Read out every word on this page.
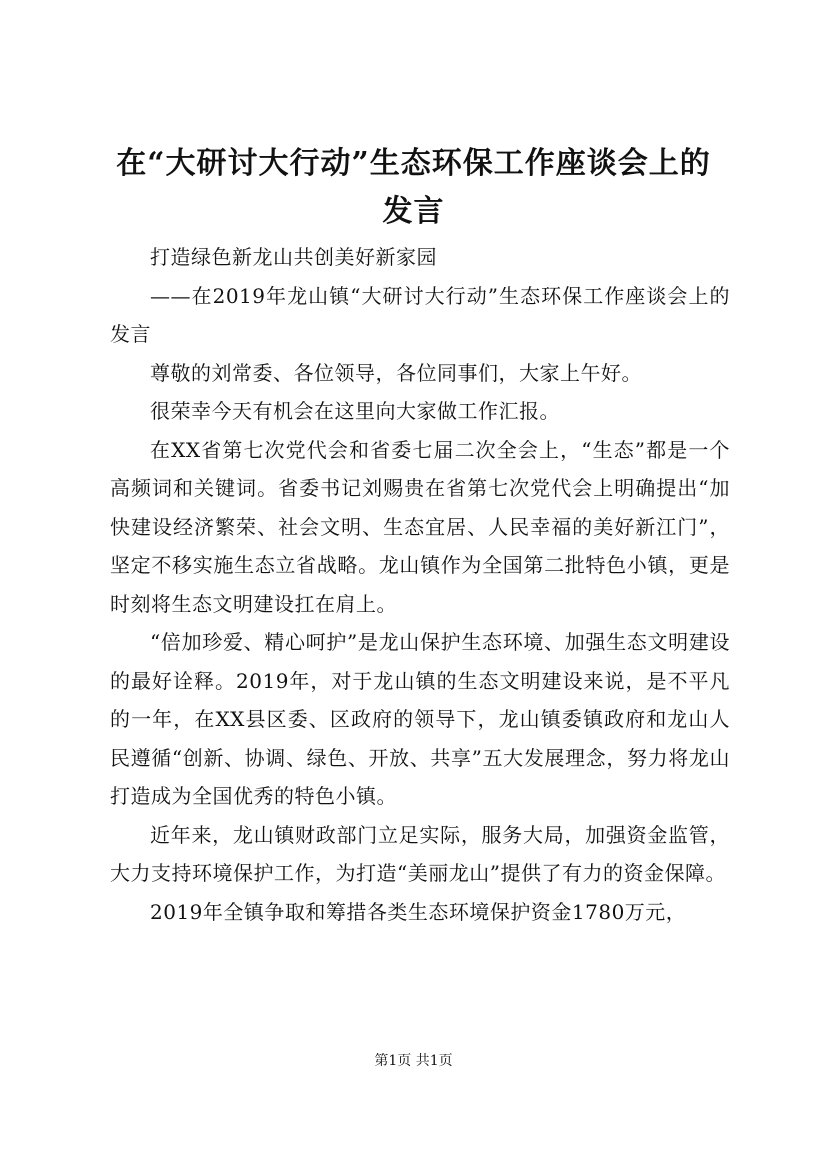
在“大研讨大行动”生态环保工作座谈会上的
发言

打造绿色新龙山共创美好新家园

——在2019年龙山镇“大研讨大行动”生态环保工作座谈会上的发言

尊敬的刘常委、各位领导，各位同事们，大家上午好。

很荣幸今天有机会在这里向大家做工作汇报。

在XX省第七次党代会和省委七届二次全会上，“生态”都是一个高频词和关键词。省委书记刘赐贵在省第七次党代会上明确提出“加快建设经济繁荣、社会文明、生态宜居、人民幸福的美好新江门”，坚定不移实施生态立省战略。龙山镇作为全国第二批特色小镇，更是时刻将生态文明建设扛在肩上。

“倍加珍爱、精心呵护”是龙山保护生态环境、加强生态文明建设的最好诠释。2019年，对于龙山镇的生态文明建设来说，是不平凡的一年，在XX县区委、区政府的领导下，龙山镇委镇政府和龙山人民遵循“创新、协调、绿色、开放、共享”五大发展理念，努力将龙山打造成为全国优秀的特色小镇。

近年来，龙山镇财政部门立足实际，服务大局，加强资金监管，大力支持环境保护工作，为打造“美丽龙山”提供了有力的资金保障。

2019年全镇争取和筹措各类生态环境保护资金1780万元，

第1页 共1页
